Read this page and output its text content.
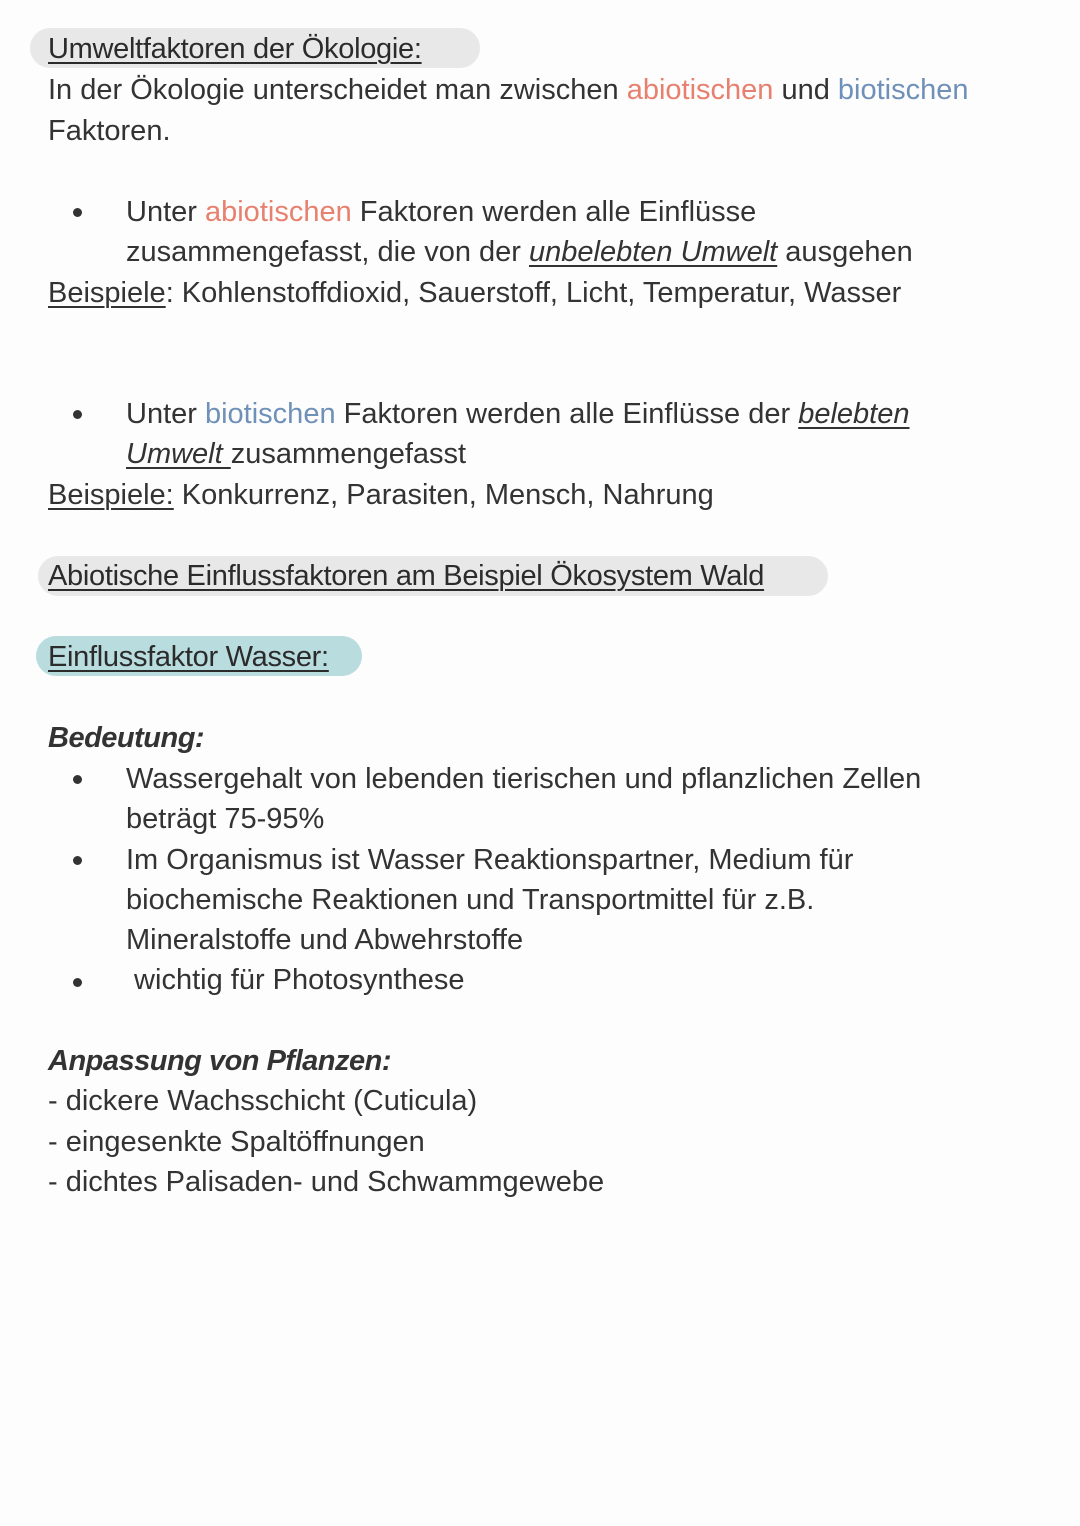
Umweltfaktoren der Ökologie:
In der Ökologie unterscheidet man zwischen abiotischen und biotischen
Faktoren.
Unter abiotischen Faktoren werden alle Einflüsse
zusammengefasst, die von der unbelebten Umwelt ausgehen
Beispiele: Kohlenstoffdioxid, Sauerstoff, Licht, Temperatur, Wasser
Unter biotischen Faktoren werden alle Einflüsse der belebten
Umwelt zusammengefasst
Beispiele: Konkurrenz, Parasiten, Mensch, Nahrung
Abiotische Einflussfaktoren am Beispiel Ökosystem Wald
Einflussfaktor Wasser:
Bedeutung:
Wassergehalt von lebenden tierischen und pflanzlichen Zellen
beträgt 75-95%
Im Organismus ist Wasser Reaktionspartner, Medium für
biochemische Reaktionen und Transportmittel für z.B.
Mineralstoffe und Abwehrstoffe
wichtig für Photosynthese
Anpassung von Pflanzen:
- dickere Wachsschicht (Cuticula)
- eingesenkte Spaltöffnungen
- dichtes Palisaden- und Schwammgewebe
